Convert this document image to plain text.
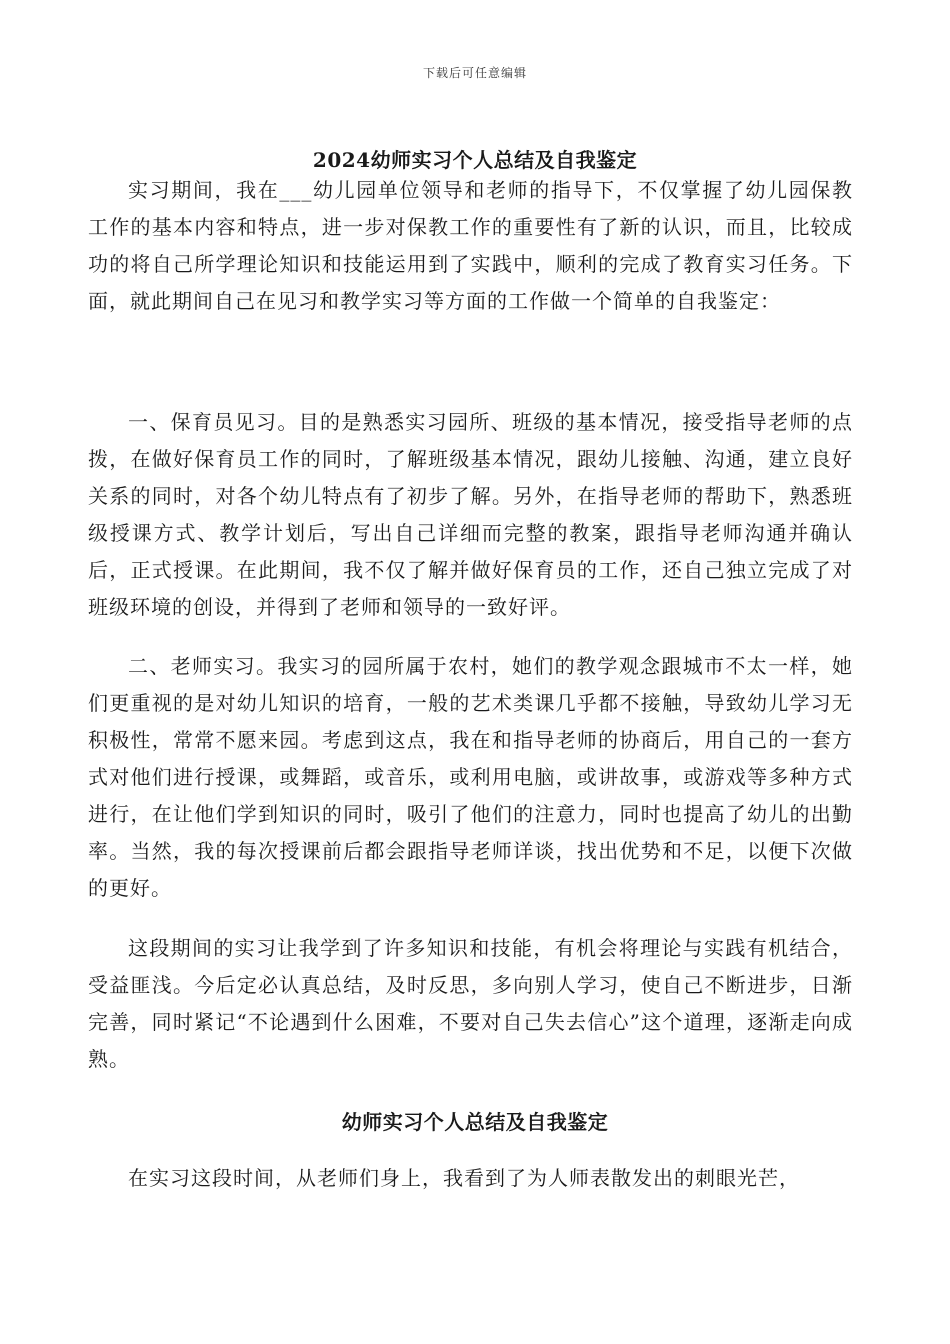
下载后可任意编辑
2024幼师实习个人总结及自我鉴定

实习期间，我在___幼儿园单位领导和老师的指导下，不仅掌握了幼儿园保教工作的基本内容和特点，进一步对保教工作的重要性有了新的认识，而且，比较成功的将自己所学理论知识和技能运用到了实践中，顺利的完成了教育实习任务。下面，就此期间自己在见习和教学实习等方面的工作做一个简单的自我鉴定：

一、保育员见习。目的是熟悉实习园所、班级的基本情况，接受指导老师的点拨，在做好保育员工作的同时，了解班级基本情况，跟幼儿接触、沟通，建立良好关系的同时，对各个幼儿特点有了初步了解。另外，在指导老师的帮助下，熟悉班级授课方式、教学计划后，写出自己详细而完整的教案，跟指导老师沟通并确认后，正式授课。在此期间，我不仅了解并做好保育员的工作，还自己独立完成了对班级环境的创设，并得到了老师和领导的一致好评。

二、老师实习。我实习的园所属于农村，她们的教学观念跟城市不太一样，她们更重视的是对幼儿知识的培育，一般的艺术类课几乎都不接触，导致幼儿学习无积极性，常常不愿来园。考虑到这点，我在和指导老师的协商后，用自己的一套方式对他们进行授课，或舞蹈，或音乐，或利用电脑，或讲故事，或游戏等多种方式进行，在让他们学到知识的同时，吸引了他们的注意力，同时也提高了幼儿的出勤率。当然，我的每次授课前后都会跟指导老师详谈，找出优势和不足，以便下次做的更好。

这段期间的实习让我学到了许多知识和技能，有机会将理论与实践有机结合，受益匪浅。今后定必认真总结，及时反思，多向别人学习，使自己不断进步，日渐完善，同时紧记“不论遇到什么困难，不要对自己失去信心”这个道理，逐渐走向成熟。

幼师实习个人总结及自我鉴定

在实习这段时间，从老师们身上，我看到了为人师表散发出的刺眼光芒，
